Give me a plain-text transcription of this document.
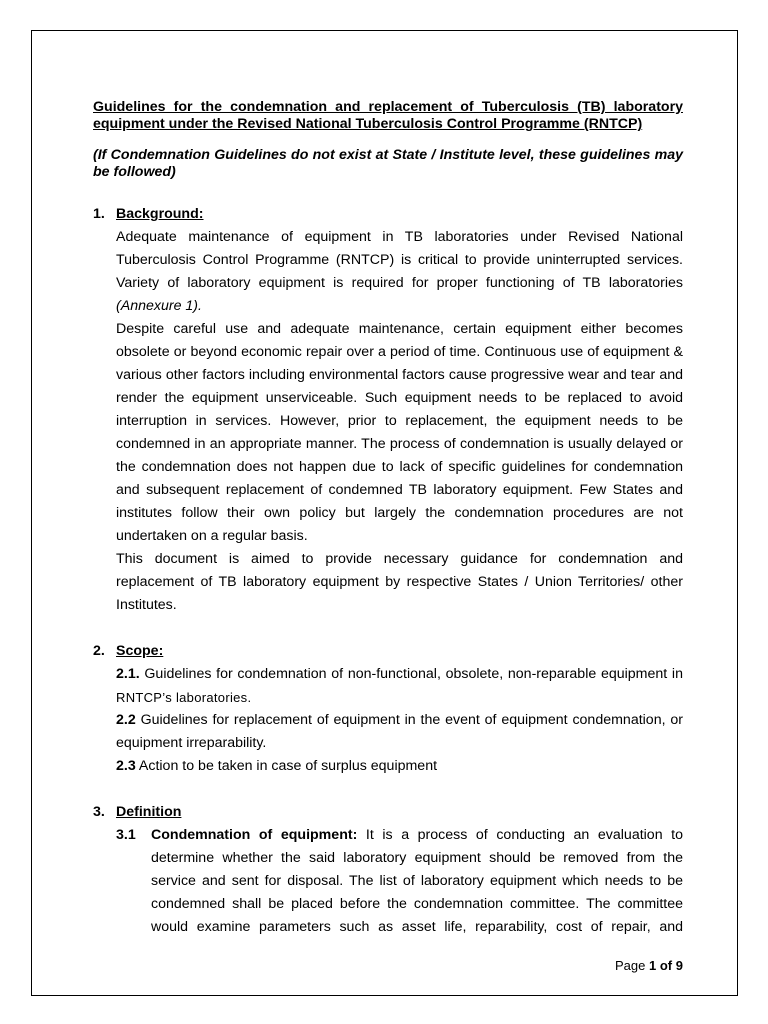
Guidelines for the condemnation and replacement of Tuberculosis (TB) laboratory equipment under the Revised National Tuberculosis Control Programme (RNTCP)

(If Condemnation Guidelines do not exist at State / Institute level, these guidelines may be followed)

1. Background:

Adequate maintenance of equipment in TB laboratories under Revised National Tuberculosis Control Programme (RNTCP) is critical to provide uninterrupted services. Variety of laboratory equipment is required for proper functioning of TB laboratories (Annexure 1).

Despite careful use and adequate maintenance, certain equipment either becomes obsolete or beyond economic repair over a period of time. Continuous use of equipment & various other factors including environmental factors cause progressive wear and tear and render the equipment unserviceable. Such equipment needs to be replaced to avoid interruption in services. However, prior to replacement, the equipment needs to be condemned in an appropriate manner. The process of condemnation is usually delayed or the condemnation does not happen due to lack of specific guidelines for condemnation and subsequent replacement of condemned TB laboratory equipment. Few States and institutes follow their own policy but largely the condemnation procedures are not undertaken on a regular basis.

This document is aimed to provide necessary guidance for condemnation and replacement of TB laboratory equipment by respective States / Union Territories/ other Institutes.

2. Scope:

2.1. Guidelines for condemnation of non-functional, obsolete, non-reparable equipment in

RNTCP’s laboratories.

2.2 Guidelines for replacement of equipment in the event of equipment condemnation, or equipment irreparability.

2.3 Action to be taken in case of surplus equipment

3. Definition
3.1	Condemnation of equipment: It is a process of conducting an evaluation to determine whether the said laboratory equipment should be removed from the service and sent for disposal. The list of laboratory equipment which needs to be condemned shall be placed before the condemnation committee. The committee would examine parameters such as asset life, reparability, cost of repair, and
Page 1 of 9
